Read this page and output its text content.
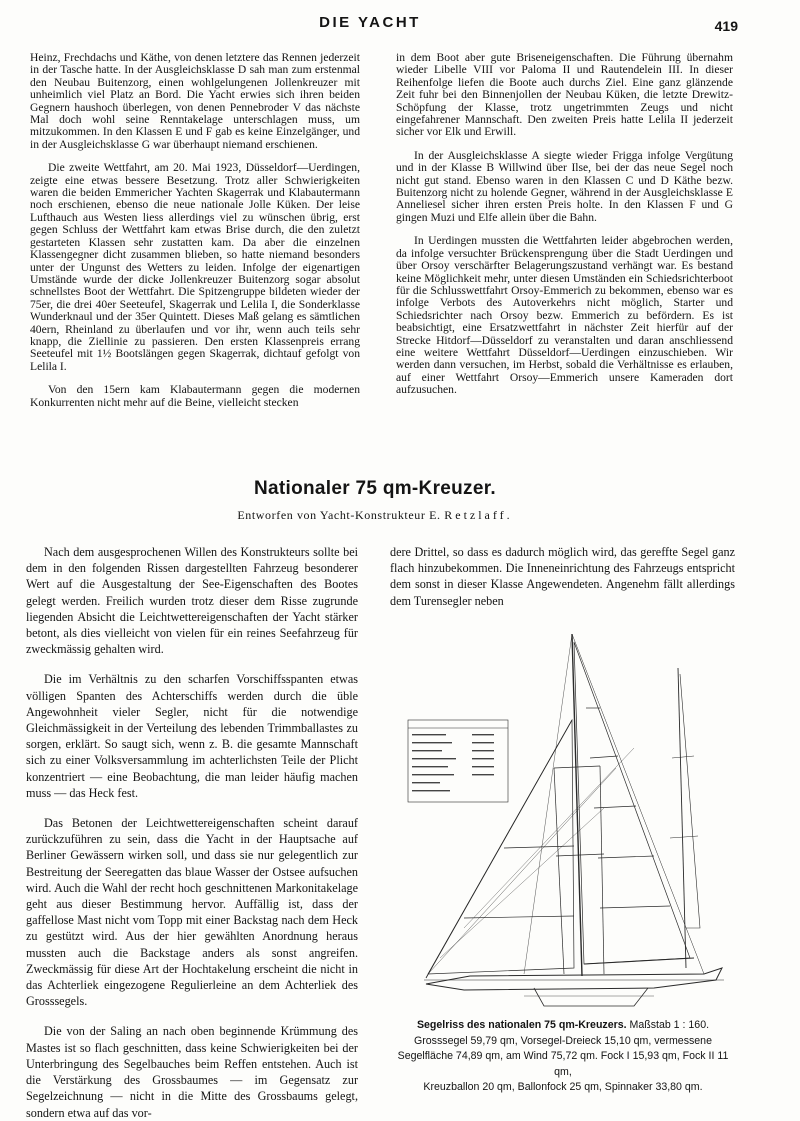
DIE YACHT	419

Heinz, Frechdachs und Käthe, von denen letztere das Rennen jederzeit in der Tasche hatte. In der Ausgleichsklasse D sah man zum erstenmal den Neubau Buitenzorg, einen wohlgelungenen Jollenkreuzer mit unheimlich viel Platz an Bord. Die Yacht erwies sich ihren beiden Gegnern haushoch überlegen, von denen Pennebroder V das nächste Mal doch wohl seine Renntakelage unterschlagen muss, um mitzukommen. In den Klassen E und F gab es keine Einzelgänger, und in der Ausgleichsklasse G war überhaupt niemand erschienen.

Die zweite Wettfahrt, am 20. Mai 1923, Düsseldorf—Uerdingen, zeigte eine etwas bessere Besetzung. Trotz aller Schwierigkeiten waren die beiden Emmericher Yachten Skagerrak und Klabautermann noch erschienen, ebenso die neue nationale Jolle Küken. Der leise Lufthauch aus Westen liess allerdings viel zu wünschen übrig, erst gegen Schluss der Wettfahrt kam etwas Brise durch, die den zuletzt gestarteten Klassen sehr zustatten kam. Da aber die einzelnen Klassengegner dicht zusammen blieben, so hatte niemand besonders unter der Ungunst des Wetters zu leiden. Infolge der eigenartigen Umstände wurde der dicke Jollenkreuzer Buitenzorg sogar absolut schnellstes Boot der Wettfahrt. Die Spitzengruppe bildeten wieder der 75er, die drei 40er Seeteufel, Skagerrak und Lelila I, die Sonderklasse Wunderknaul und der 35er Quintett. Dieses Maß gelang es sämtlichen 40ern, Rheinland zu überlaufen und vor ihr, wenn auch teils sehr knapp, die Ziellinie zu passieren. Den ersten Klassenpreis errang Seeteufel mit 1½ Bootslängen gegen Skagerrak, dichtauf gefolgt von Lelila I.

Von den 15ern kam Klabautermann gegen die modernen Konkurrenten nicht mehr auf die Beine, vielleicht stecken

in dem Boot aber gute Briseneigenschaften. Die Führung übernahm wieder Libelle VIII vor Paloma II und Rautendelein III. In dieser Reihenfolge liefen die Boote auch durchs Ziel. Eine ganz glänzende Zeit fuhr bei den Binnenjollen der Neubau Küken, die letzte Drewitz-Schöpfung der Klasse, trotz ungetrimmten Zeugs und nicht eingefahrener Mannschaft. Den zweiten Preis hatte Lelila II jederzeit sicher vor Elk und Erwill.

In der Ausgleichsklasse A siegte wieder Frigga infolge Vergütung und in der Klasse B Willwind über Ilse, bei der das neue Segel noch nicht gut stand. Ebenso waren in den Klassen C und D Käthe bezw. Buitenzorg nicht zu holende Gegner, während in der Ausgleichsklasse E Anneliesel sicher ihren ersten Preis holte. In den Klassen F und G gingen Muzi und Elfe allein über die Bahn.

In Uerdingen mussten die Wettfahrten leider abgebrochen werden, da infolge versuchter Brückensprengung über die Stadt Uerdingen und über Orsoy verschärfter Belagerungszustand verhängt war. Es bestand keine Möglichkeit mehr, unter diesen Umständen ein Schiedsrichterboot für die Schlusswettfahrt Orsoy-Emmerich zu bekommen, ebenso war es infolge Verbots des Autoverkehrs nicht möglich, Starter und Schiedsrichter nach Orsoy bezw. Emmerich zu befördern. Es ist beabsichtigt, eine Ersatzwettfahrt in nächster Zeit hierfür auf der Strecke Hitdorf—Düsseldorf zu veranstalten und daran anschliessend eine weitere Wettfahrt Düsseldorf—Uerdingen einzuschieben. Wir werden dann versuchen, im Herbst, sobald die Verhältnisse es erlauben, auf einer Wettfahrt Orsoy—Emmerich unsere Kameraden dort aufzusuchen.

Nationaler 75 qm-Kreuzer.
Entworfen von Yacht-Konstrukteur E. Retzlaff.

Nach dem ausgesprochenen Willen des Konstrukteurs sollte bei dem in den folgenden Rissen dargestellten Fahrzeug besonderer Wert auf die Ausgestaltung der See-Eigenschaften des Bootes gelegt werden. Freilich wurden trotz dieser dem Risse zugrunde liegenden Absicht die Leichtwettereigenschaften der Yacht stärker betont, als dies vielleicht von vielen für ein reines Seefahrzeug für zweckmässig gehalten wird.

Die im Verhältnis zu den scharfen Vorschiffsspanten etwas völligen Spanten des Achterschiffs werden durch die üble Angewohnheit vieler Segler, nicht für die notwendige Gleichmässigkeit in der Verteilung des lebenden Trimmballastes zu sorgen, erklärt. So saugt sich, wenn z. B. die gesamte Mannschaft sich zu einer Volksversammlung im achterlichsten Teile der Plicht konzentriert — eine Beobachtung, die man leider häufig machen muss — das Heck fest.

Das Betonen der Leichtwettereigenschaften scheint darauf zurückzuführen zu sein, dass die Yacht in der Hauptsache auf Berliner Gewässern wirken soll, und dass sie nur gelegentlich zur Bestreitung der Seeregatten das blaue Wasser der Ostsee aufsuchen wird. Auch die Wahl der recht hoch geschnittenen Markonitakelage geht aus dieser Bestimmung hervor. Auffällig ist, dass der gaffellose Mast nicht vom Topp mit einer Backstag nach dem Heck zu gestützt wird. Aus der hier gewählten Anordnung heraus mussten auch die Backstage anders als sonst angreifen. Zweckmässig für diese Art der Hochtakelung erscheint die nicht in das Achterliek eingezogene Regulierleine an dem Achterliek des Grosssegels.

Die von der Saling an nach oben beginnende Krümmung des Mastes ist so flach geschnitten, dass keine Schwierigkeiten bei der Unterbringung des Segelbauches beim Reffen entstehen. Auch ist die Verstärkung des Grossbaumes — im Gegensatz zur Segelzeichnung — nicht in die Mitte des Grossbaums gelegt, sondern etwa auf das vor-

dere Drittel, so dass es dadurch möglich wird, das gereffte Segel ganz flach hinzubekommen. Die Inneneinrichtung des Fahrzeugs entspricht dem sonst in dieser Klasse Angewendeten. Angenehm fällt allerdings dem Turensegler neben

Segelriss des nationalen 75 qm-Kreuzers. Maßstab 1 : 160.
Grosssegel 59,79 qm, Vorsegel-Dreieck 15,10 qm, vermessene Segelfläche 74,89 qm, am Wind 75,72 qm. Fock I 15,93 qm, Fock II 11 qm,
Kreuzballon 20 qm, Ballonfock 25 qm, Spinnaker 33,80 qm.
